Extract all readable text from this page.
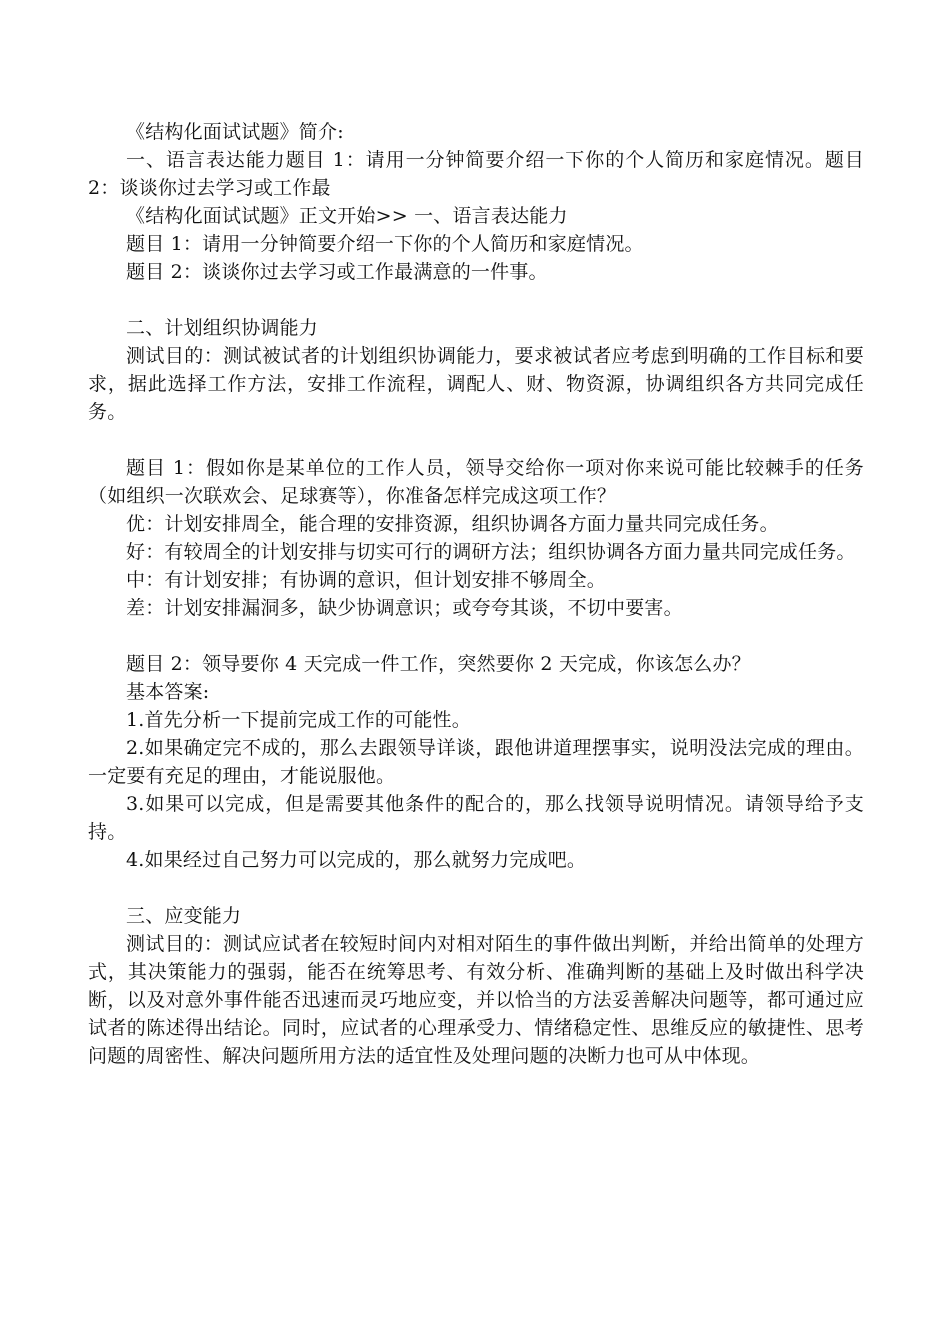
《结构化面试试题》简介:

一、语言表达能力题目 1：请用一分钟简要介绍一下你的个人简历和家庭情况。题目 2：谈谈你过去学习或工作最

《结构化面试试题》正文开始>> 一、语言表达能力

题目 1：请用一分钟简要介绍一下你的个人简历和家庭情况。

题目 2：谈谈你过去学习或工作最满意的一件事。

二、计划组织协调能力

测试目的：测试被试者的计划组织协调能力，要求被试者应考虑到明确的工作目标和要求，据此选择工作方法，安排工作流程，调配人、财、物资源，协调组织各方共同完成任务。

题目 1：假如你是某单位的工作人员，领导交给你一项对你来说可能比较棘手的任务（如组织一次联欢会、足球赛等），你准备怎样完成这项工作？

优：计划安排周全，能合理的安排资源，组织协调各方面力量共同完成任务。

好：有较周全的计划安排与切实可行的调研方法；组织协调各方面力量共同完成任务。

中：有计划安排；有协调的意识，但计划安排不够周全。

差：计划安排漏洞多，缺少协调意识；或夸夸其谈，不切中要害。

题目 2：领导要你 4 天完成一件工作，突然要你 2 天完成，你该怎么办？

基本答案:

1.首先分析一下提前完成工作的可能性。

2.如果确定完不成的，那么去跟领导详谈，跟他讲道理摆事实，说明没法完成的理由。一定要有充足的理由，才能说服他。

3.如果可以完成，但是需要其他条件的配合的，那么找领导说明情况。请领导给予支持。

4.如果经过自己努力可以完成的，那么就努力完成吧。

三、应变能力

测试目的：测试应试者在较短时间内对相对陌生的事件做出判断，并给出简单的处理方式，其决策能力的强弱，能否在统筹思考、有效分析、准确判断的基础上及时做出科学决断，以及对意外事件能否迅速而灵巧地应变，并以恰当的方法妥善解决问题等，都可通过应试者的陈述得出结论。同时，应试者的心理承受力、情绪稳定性、思维反应的敏捷性、思考问题的周密性、解决问题所用方法的适宜性及处理问题的决断力也可从中体现。
